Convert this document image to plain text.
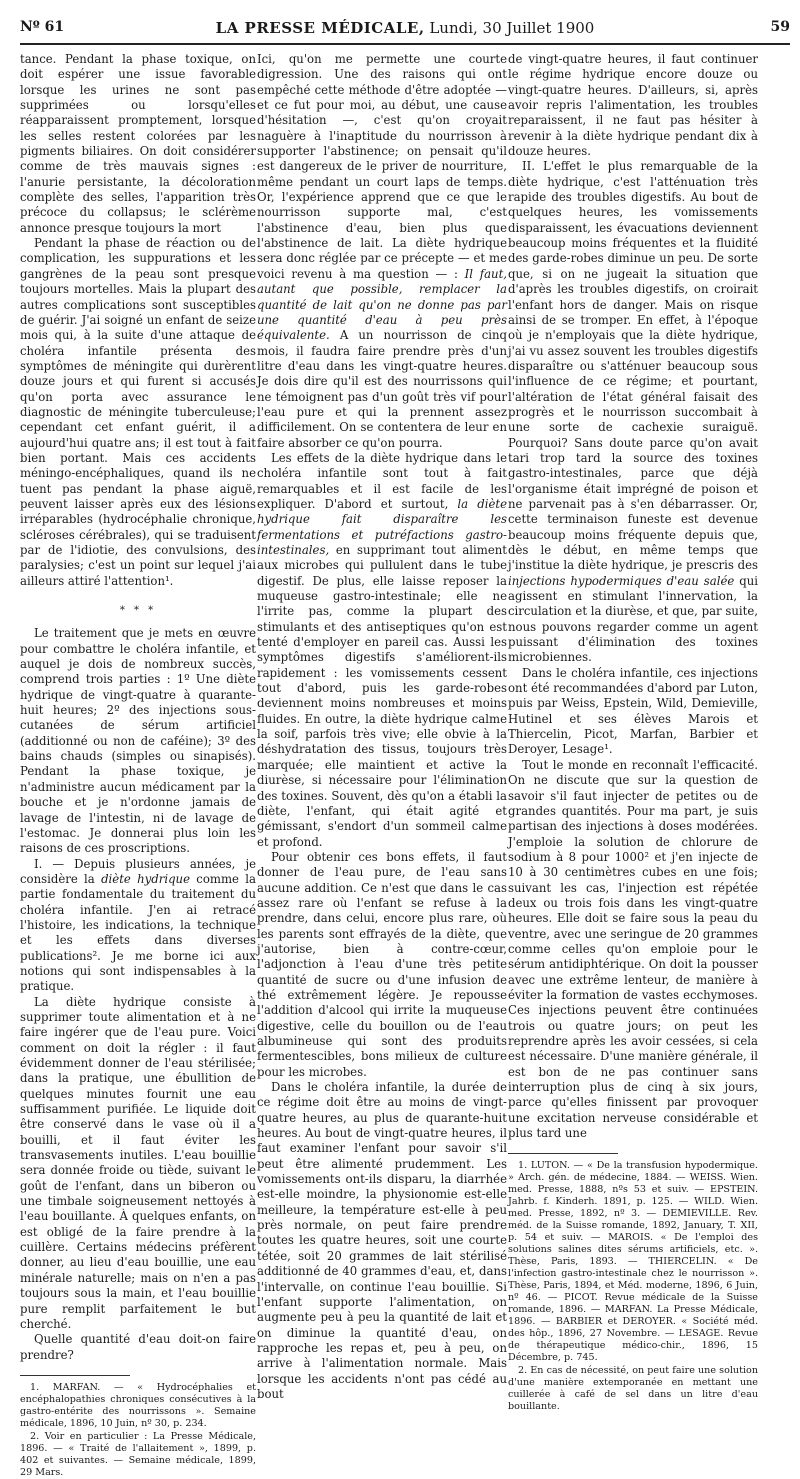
Nº 61	LA PRESSE MÉDICALE, Lundi, 30 Juillet 1900	59

tance. Pendant la phase toxique, on doit espérer une issue favorable lorsque les urines ne sont pas supprimées ou lorsqu'elles réapparaissent promptement, lorsque les selles restent colorées par les pigments biliaires. On doit considérer comme de très mauvais signes : l'anurie persistante, la décoloration complète des selles, l'apparition très précoce du collapsus; le sclérème annonce presque toujours la mort

Pendant la phase de réaction ou de complication, les suppurations et les gangrènes de la peau sont presque toujours mortelles. Mais la plupart des autres complications sont susceptibles de guérir. J'ai soigné un enfant de seize mois qui, à la suite d'une attaque de choléra infantile présenta des symptômes de méningite qui durèrent douze jours et qui furent si accusés qu'on porta avec assurance le diagnostic de méningite tuberculeuse; cependant cet enfant guérit, il a aujourd'hui quatre ans; il est tout à fait bien portant. Mais ces accidents méningo-encéphaliques, quand ils ne tuent pas pendant la phase aiguë, peuvent laisser après eux des lésions irréparables (hydrocéphalie chronique, scléroses cérébrales), qui se traduisent par de l'idiotie, des convulsions, des paralysies; c'est un point sur lequel j'ai ailleurs attiré l'attention¹.

* * *

Le traitement que je mets en œuvre pour combattre le choléra infantile, et auquel je dois de nombreux succès, comprend trois parties : 1º Une diète hydrique de vingt-quatre à quarante-huit heures; 2º des injections sous-cutanées de sérum artificiel (additionné ou non de caféine); 3º des bains chauds (simples ou sinapisés). Pendant la phase toxique, je n'administre aucun médicament par la bouche et je n'ordonne jamais de lavage de l'intestin, ni de lavage de l'estomac. Je donnerai plus loin les raisons de ces proscriptions.

I. — Depuis plusieurs années, je considère la diète hydrique comme la partie fondamentale du traitement du choléra infantile. J'en ai retracé l'histoire, les indications, la technique et les effets dans diverses publications². Je me borne ici aux notions qui sont indispensables à la pratique.

La diète hydrique consiste à supprimer toute alimentation et à ne faire ingérer que de l'eau pure. Voici comment on doit la régler : il faut évidemment donner de l'eau stérilisée; dans la pratique, une ébullition de quelques minutes fournit une eau suffisamment purifiée. Le liquide doit être conservé dans le vase où il a bouilli, et il faut éviter les transvasements inutiles. L'eau bouillie sera donnée froide ou tiède, suivant le goût de l'enfant, dans un biberon ou une timbale soigneusement nettoyés à l'eau bouillante. À quelques enfants, on est obligé de la faire prendre à la cuillère. Certains médecins préfèrent donner, au lieu d'eau bouillie, une eau minérale naturelle; mais on n'en a pas toujours sous la main, et l'eau bouillie pure remplit parfaitement le but cherché.

Quelle quantité d'eau doit-on faire prendre?

1. MARFAN. — « Hydrocéphalies et encéphalopathies chroniques consécutives à la gastro-entérite des nourrissons ». Semaine médicale, 1896, 10 Juin, nº 30, p. 234.

2. Voir en particulier : La Presse Médicale, 1896. — « Traité de l'allaitement », 1899, p. 402 et suivantes. — Semaine médicale, 1899, 29 Mars.

Ici, qu'on me permette une courte digression. Une des raisons qui ont empêché cette méthode d'être adoptée — et ce fut pour moi, au début, une cause d'hésitation —, c'est qu'on croyait naguère à l'inaptitude du nourrisson à supporter l'abstinence; on pensait qu'il est dangereux de le priver de nourriture, même pendant un court laps de temps. Or, l'expérience apprend que ce que le nourrisson supporte mal, c'est l'abstinence d'eau, bien plus que l'abstinence de lait. La diète hydrique sera donc réglée par ce précepte — et me voici revenu à ma question — : Il faut, autant que possible, remplacer la quantité de lait qu'on ne donne pas par une quantité d'eau à peu près équivalente. A un nourrisson de cinq mois, il faudra faire prendre près d'un litre d'eau dans les vingt-quatre heures. Je dois dire qu'il est des nourrissons qui ne témoignent pas d'un goût très vif pour l'eau pure et qui la prennent assez difficilement. On se contentera de leur en faire absorber ce qu'on pourra.

Les effets de la diète hydrique dans le choléra infantile sont tout à fait remarquables et il est facile de les expliquer. D'abord et surtout, la diète hydrique fait disparaître les fermentations et putréfactions gastro-intestinales, en supprimant tout aliment aux microbes qui pullulent dans le tube digestif. De plus, elle laisse reposer la muqueuse gastro-intestinale; elle ne l'irrite pas, comme la plupart des stimulants et des antiseptiques qu'on est tenté d'employer en pareil cas. Aussi les symptômes digestifs s'améliorent-ils rapidement : les vomissements cessent tout d'abord, puis les garde-robes deviennent moins nombreuses et moins fluides. En outre, la diète hydrique calme la soif, parfois très vive; elle obvie à la déshydratation des tissus, toujours très marquée; elle maintient et active la diurèse, si nécessaire pour l'élimination des toxines. Souvent, dès qu'on a établi la diète, l'enfant, qui était agité et gémissant, s'endort d'un sommeil calme et profond.

Pour obtenir ces bons effets, il faut donner de l'eau pure, de l'eau sans aucune addition. Ce n'est que dans le cas assez rare où l'enfant se refuse à la prendre, dans celui, encore plus rare, où les parents sont effrayés de la diète, que j'autorise, bien à contre-cœur, l'adjonction à l'eau d'une très petite quantité de sucre ou d'une infusion de thé extrêmement légère. Je repousse l'addition d'alcool qui irrite la muqueuse digestive, celle du bouillon ou de l'eau albumineuse qui sont des produits fermentescibles, bons milieux de culture pour les microbes.

Dans le choléra infantile, la durée de ce régime doit être au moins de vingt-quatre heures, au plus de quarante-huit heures. Au bout de vingt-quatre heures, il faut examiner l'enfant pour savoir s'il peut être alimenté prudemment. Les vomissements ont-ils disparu, la diarrhée est-elle moindre, la physionomie est-elle meilleure, la température est-elle à peu près normale, on peut faire prendre toutes les quatre heures, soit une courte tétée, soit 20 grammes de lait stérilisé additionné de 40 grammes d'eau, et, dans l'intervalle, on continue l'eau bouillie. Si l'enfant supporte l'alimentation, on augmente peu à peu la quantité de lait et on diminue la quantité d'eau, on rapproche les repas et, peu à peu, on arrive à l'alimentation normale. Mais lorsque les accidents n'ont pas cédé au bout

de vingt-quatre heures, il faut continuer le régime hydrique encore douze ou vingt-quatre heures. D'ailleurs, si, après avoir repris l'alimentation, les troubles reparaissent, il ne faut pas hésiter à revenir à la diète hydrique pendant dix à douze heures.

II. L'effet le plus remarquable de la diète hydrique, c'est l'atténuation très rapide des troubles digestifs. Au bout de quelques heures, les vomissements disparaissent, les évacuations deviennent beaucoup moins fréquentes et la fluidité des garde-robes diminue un peu. De sorte que, si on ne jugeait la situation que d'après les troubles digestifs, on croirait l'enfant hors de danger. Mais on risque ainsi de se tromper. En effet, à l'époque où je n'employais que la diète hydrique, j'ai vu assez souvent les troubles digestifs disparaître ou s'atténuer beaucoup sous l'influence de ce régime; et pourtant, l'altération de l'état général faisait des progrès et le nourrisson succombait à une sorte de cachexie suraiguë. Pourquoi? Sans doute parce qu'on avait tari trop tard la source des toxines gastro-intestinales, parce que déjà l'organisme était imprégné de poison et ne parvenait pas à s'en débarrasser. Or, cette terminaison funeste est devenue beaucoup moins fréquente depuis que, dès le début, en même temps que j'institue la diète hydrique, je prescris des injections hypodermiques d'eau salée qui agissent en stimulant l'innervation, la circulation et la diurèse, et que, par suite, nous pouvons regarder comme un agent puissant d'élimination des toxines microbiennes.

Dans le choléra infantile, ces injections ont été recommandées d'abord par Luton, puis par Weiss, Epstein, Wild, Demieville, Hutinel et ses élèves Marois et Thiercelin, Picot, Marfan, Barbier et Deroyer, Lesage¹.

Tout le monde en reconnaît l'efficacité. On ne discute que sur la question de savoir s'il faut injecter de petites ou de grandes quantités. Pour ma part, je suis partisan des injections à doses modérées. J'emploie la solution de chlorure de sodium à 8 pour 1000² et j'en injecte de 10 à 30 centimètres cubes en une fois; suivant les cas, l'injection est répétée deux ou trois fois dans les vingt-quatre heures. Elle doit se faire sous la peau du ventre, avec une seringue de 20 grammes comme celles qu'on emploie pour le sérum antidiphtérique. On doit la pousser avec une extrême lenteur, de manière à éviter la formation de vastes ecchymoses. Ces injections peuvent être continuées trois ou quatre jours; on peut les reprendre après les avoir cessées, si cela est nécessaire. D'une manière générale, il est bon de ne pas continuer sans interruption plus de cinq à six jours, parce qu'elles finissent par provoquer une excitation nerveuse considérable et plus tard une

1. LUTON. — « De la transfusion hypodermique. » Arch. gén. de médecine, 1884. — WEISS. Wien. med. Presse, 1888, nºs 53 et suiv. — EPSTEIN. Jahrb. f. Kinderh. 1891, p. 125. — WILD. Wien. med. Presse, 1892, nº 3. — DEMIEVILLE. Rev. méd. de la Suisse romande, 1892, January, T. XII, p. 54 et suiv. — MAROIS. « De l'emploi des solutions salines dites sérums artificiels, etc. ». Thèse, Paris, 1893. — THIERCELIN. « De l'infection gastro-intestinale chez le nourrisson ». Thèse, Paris, 1894, et Méd. moderne, 1896, 6 Juin, nº 46. — PICOT. Revue médicale de la Suisse romande, 1896. — MARFAN. La Presse Médicale, 1896. — BARBIER et DEROYER. « Société méd. des hôp., 1896, 27 Novembre. — LESAGE. Revue de thérapeutique médico-chir., 1896, 15 Décembre, p. 745.

2. En cas de nécessité, on peut faire une solution d'une manière extemporanée en mettant une cuillerée à café de sel dans un litre d'eau bouillante.
